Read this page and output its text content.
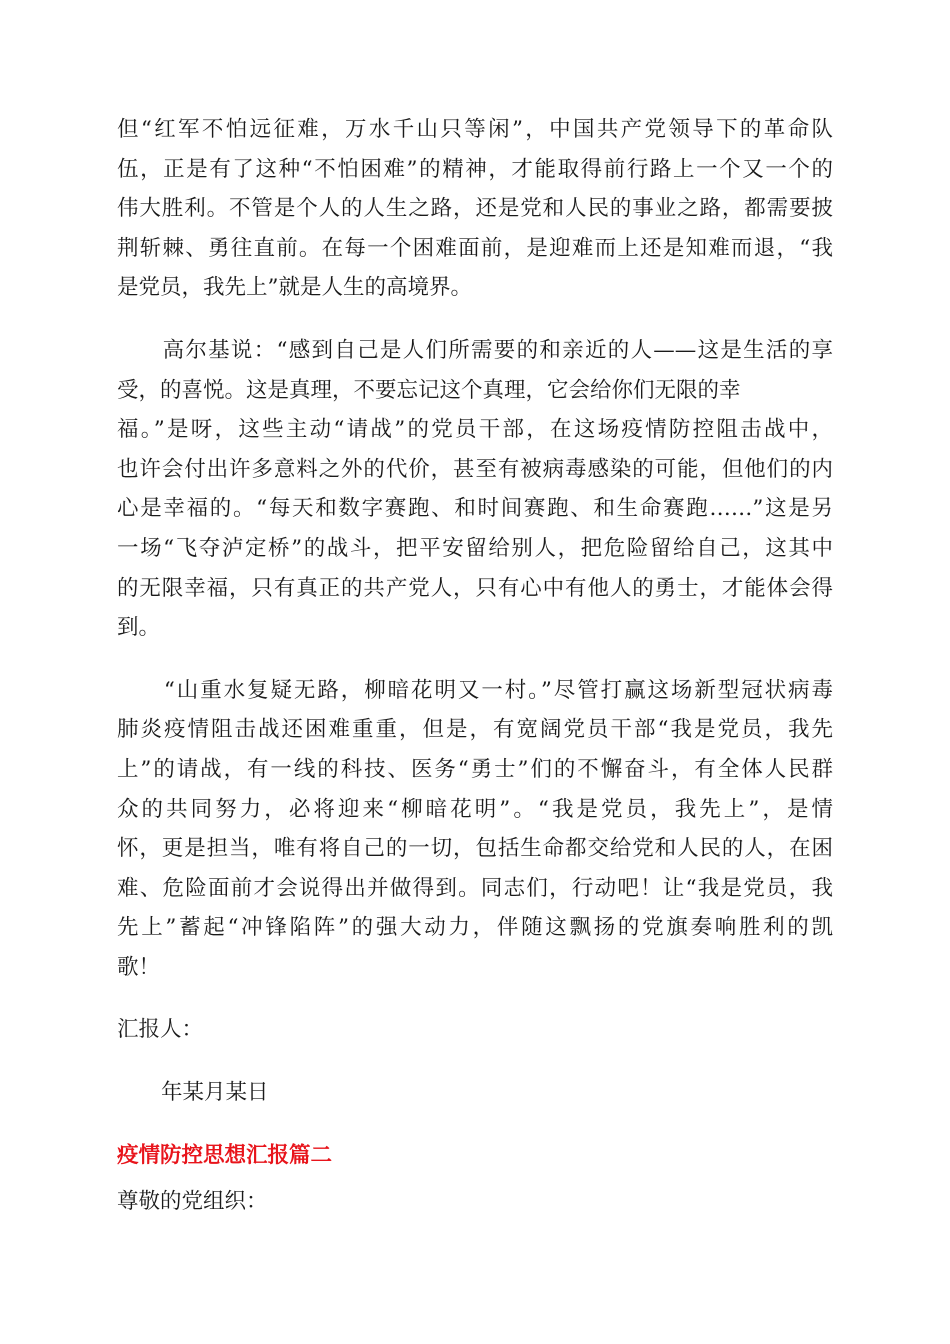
但“红军不怕远征难，万水千山只等闲”，中国共产党领导下的革命队
伍，正是有了这种“不怕困难”的精神，才能取得前行路上一个又一个的
伟大胜利。不管是个人的人生之路，还是党和人民的事业之路，都需要披
荆斩棘、勇往直前。在每一个困难面前，是迎难而上还是知难而退，“我
是党员，我先上”就是人生的高境界。
　　高尔基说：“感到自己是人们所需要的和亲近的人——这是生活的享
受，的喜悦。这是真理，不要忘记这个真理，它会给你们无限的幸
福。”是呀，这些主动“请战”的党员干部，在这场疫情防控阻击战中，
也许会付出许多意料之外的代价，甚至有被病毒感染的可能，但他们的内
心是幸福的。“每天和数字赛跑、和时间赛跑、和生命赛跑……”这是另
一场“飞夺泸定桥”的战斗，把平安留给别人，把危险留给自己，这其中
的无限幸福，只有真正的共产党人，只有心中有他人的勇士，才能体会得
到。
　　“山重水复疑无路，柳暗花明又一村。”尽管打赢这场新型冠状病毒
肺炎疫情阻击战还困难重重，但是，有宽阔党员干部“我是党员，我先
上”的请战，有一线的科技、医务“勇士”们的不懈奋斗，有全体人民群
众的共同努力，必将迎来“柳暗花明”。“我是党员，我先上”，是情
怀，更是担当，唯有将自己的一切，包括生命都交给党和人民的人，在困
难、危险面前才会说得出并做得到。同志们，行动吧！让“我是党员，我
先上”蓄起“冲锋陷阵”的强大动力，伴随这飘扬的党旗奏响胜利的凯
歌！

汇报人：

年某月某日

疫情防控思想汇报篇二

尊敬的党组织：
